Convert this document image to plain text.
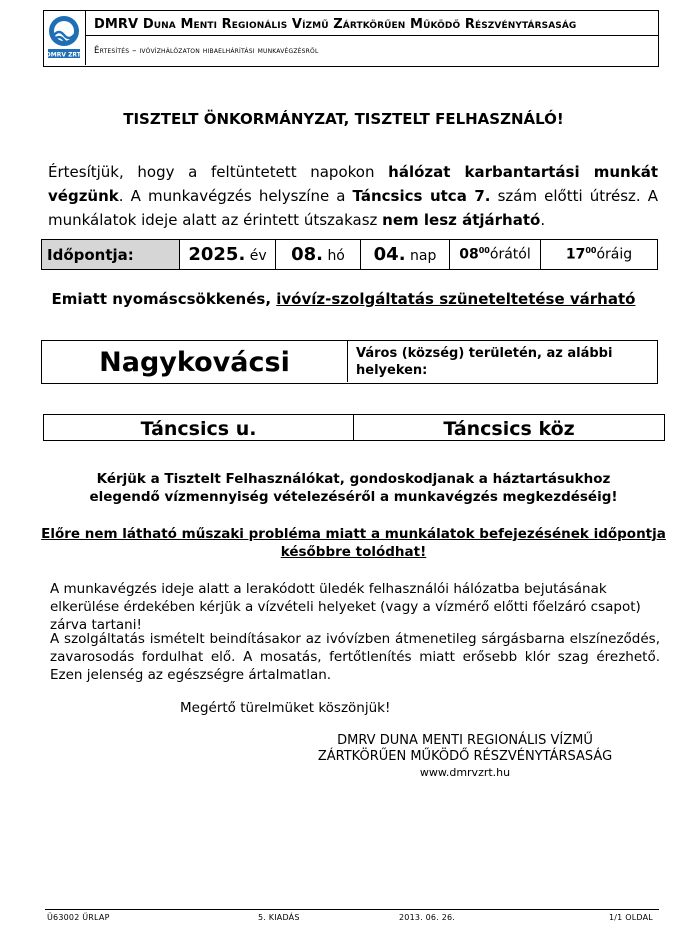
DMRV ZRT.
DMRV Duna Menti Regionális Vízmű Zártkörűen Működő Részvénytársaság
Értesítés – ivóvízhálózaton hibaelhárítási munkavégzésről
TISZTELT ÖNKORMÁNYZAT, TISZTELT FELHASZNÁLÓ!
Értesítjük, hogy a feltüntetett napokon hálózat karbantartási munkát végzünk. A munkavégzés helyszíne a Táncsics utca 7. szám előtti útrész. A munkálatok ideje alatt az érintett útszakasz nem lesz átjárható.
Időpontja:	2025. év	08. hó	04. nap	$08^{00}órától$	$17^{00}óráig$
Emiatt nyomáscsökkenés, ivóvíz-szolgáltatás szüneteltetése várható
Nagykovácsi	Város (község) területén, az alábbi helyeken:
Táncsics u.	Táncsics köz
Kérjük a Tisztelt Felhasználókat, gondoskodjanak a háztartásukhoz
elegendő vízmennyiség vételezéséről a munkavégzés megkezdéséig!
Előre nem látható műszaki probléma miatt a munkálatok befejezésének időpontja
későbbre tolódhat!
A munkavégzés ideje alatt a lerakódott üledék felhasználói hálózatba bejutásának elkerülése érdekében kérjük a vízvételi helyeket (vagy a vízmérő előtti főelzáró csapot) zárva tartani!
A szolgáltatás ismételt beindításakor az ivóvízben átmenetileg sárgásbarna elszíneződés, zavarosodás fordulhat elő. A mosatás, fertőtlenítés miatt erősebb klór szag érezhető. Ezen jelenség az egészségre ártalmatlan.
Megértő türelmüket köszönjük!
DMRV DUNA MENTI REGIONÁLIS VÍZMŰ
ZÁRTKÖRŰEN MŰKÖDŐ RÉSZVÉNYTÁRSASÁG
www.dmrvzrt.hu
Ü63002 ŰRLAP	5. KIADÁS	2013. 06. 26.	1/1 OLDAL
